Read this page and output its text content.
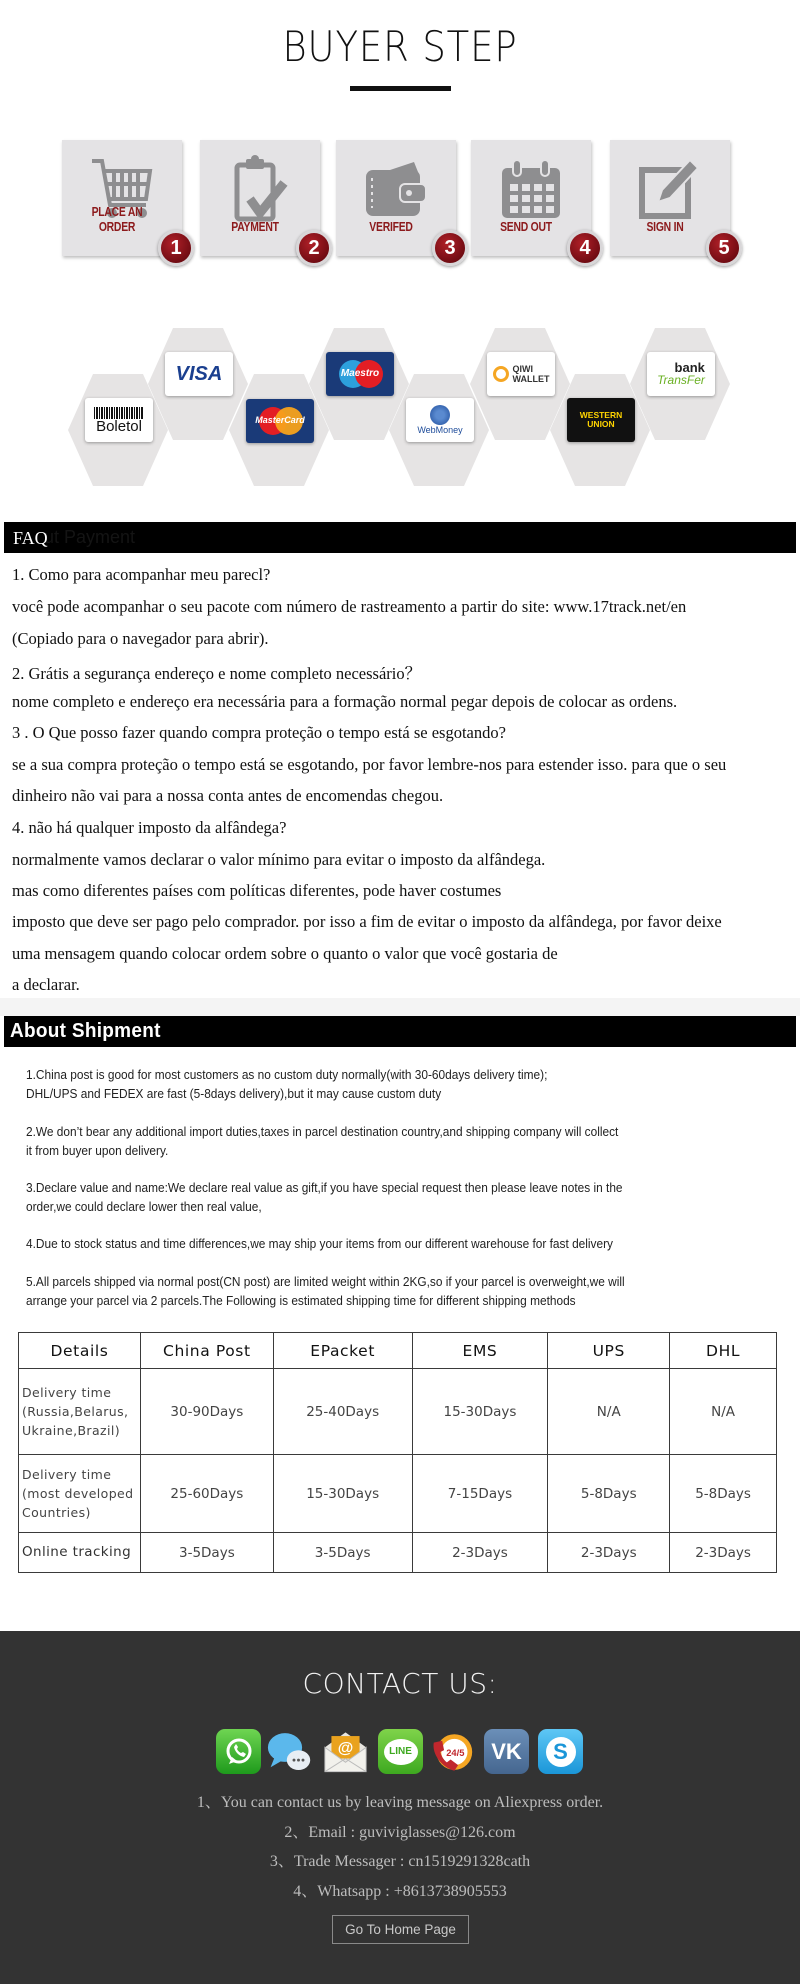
BUYER STEP
PLACE AN ORDER
1
PAYMENT
2
VERIFED
3
SEND OUT
4
SIGN IN
5
Boletol
VISA
MasterCard
Maestro
WebMoney
QIWI
WALLET
WESTERN
UNION
bank
TransFer
ut Payment
FAQ
1. Como para acompanhar meu parecl?
você pode acompanhar o seu pacote com número de rastreamento a partir do site: www.17track.net/en
(Copiado para o navegador para abrir).
2. Grátis a segurança endereço e nome completo necessário？
nome completo e endereço era necessária para a formação normal pegar depois de colocar as ordens.
3 . O Que posso fazer quando compra proteção o tempo está se esgotando?
se a sua compra proteção o tempo está se esgotando, por favor lembre-nos para estender isso. para que o seu
dinheiro não vai para a nossa conta antes de encomendas chegou.
4. não há qualquer imposto da alfândega?
normalmente vamos declarar o valor mínimo para evitar o imposto da alfândega.
mas como diferentes países com políticas diferentes, pode haver costumes
imposto que deve ser pago pelo comprador. por isso a fim de evitar o imposto da alfândega, por favor deixe
uma mensagem quando colocar ordem sobre o quanto o valor que você gostaria de
a declarar.
About Shipment
1.China post is good for most customers as no custom duty normally(with 30-60days delivery time);
DHL/UPS and FEDEX are fast (5-8days delivery),but it may cause custom duty
2.We don’t bear any additional import duties,taxes in parcel destination country,and shipping company will collect
it from buyer upon delivery.
3.Declare value and name:We declare real value as gift,if you have special request then please leave notes in the
order,we could declare lower then real value,
4.Due to stock status and time differences,we may ship your items from our different warehouse for fast delivery
5.All parcels shipped via normal post(CN post) are limited weight within 2KG,so if your parcel is overweight,we will
arrange your parcel via 2 parcels.The Following is estimated shipping time for different shipping methods
Details	China Post	EPacket	EMS	UPS	DHL

Delivery time
(Russia,Belarus,
Ukraine,Brazil)	30-90Days	25-40Days	15-30Days	N/A	N/A

Delivery time
(most developed
Countries)	25-60Days	15-30Days	7-15Days	5-8Days	5-8Days

Online tracking	3-5Days	3-5Days	2-3Days	2-3Days	2-3Days
CONTACT US:
@	LINE	24/5	VK	S
1、You can contact us by leaving message on Aliexpress order.
2、Email : guviviglasses@126.com
3、Trade Messager : cn1519291328cath
4、Whatsapp : +8613738905553
Go To Home Page
